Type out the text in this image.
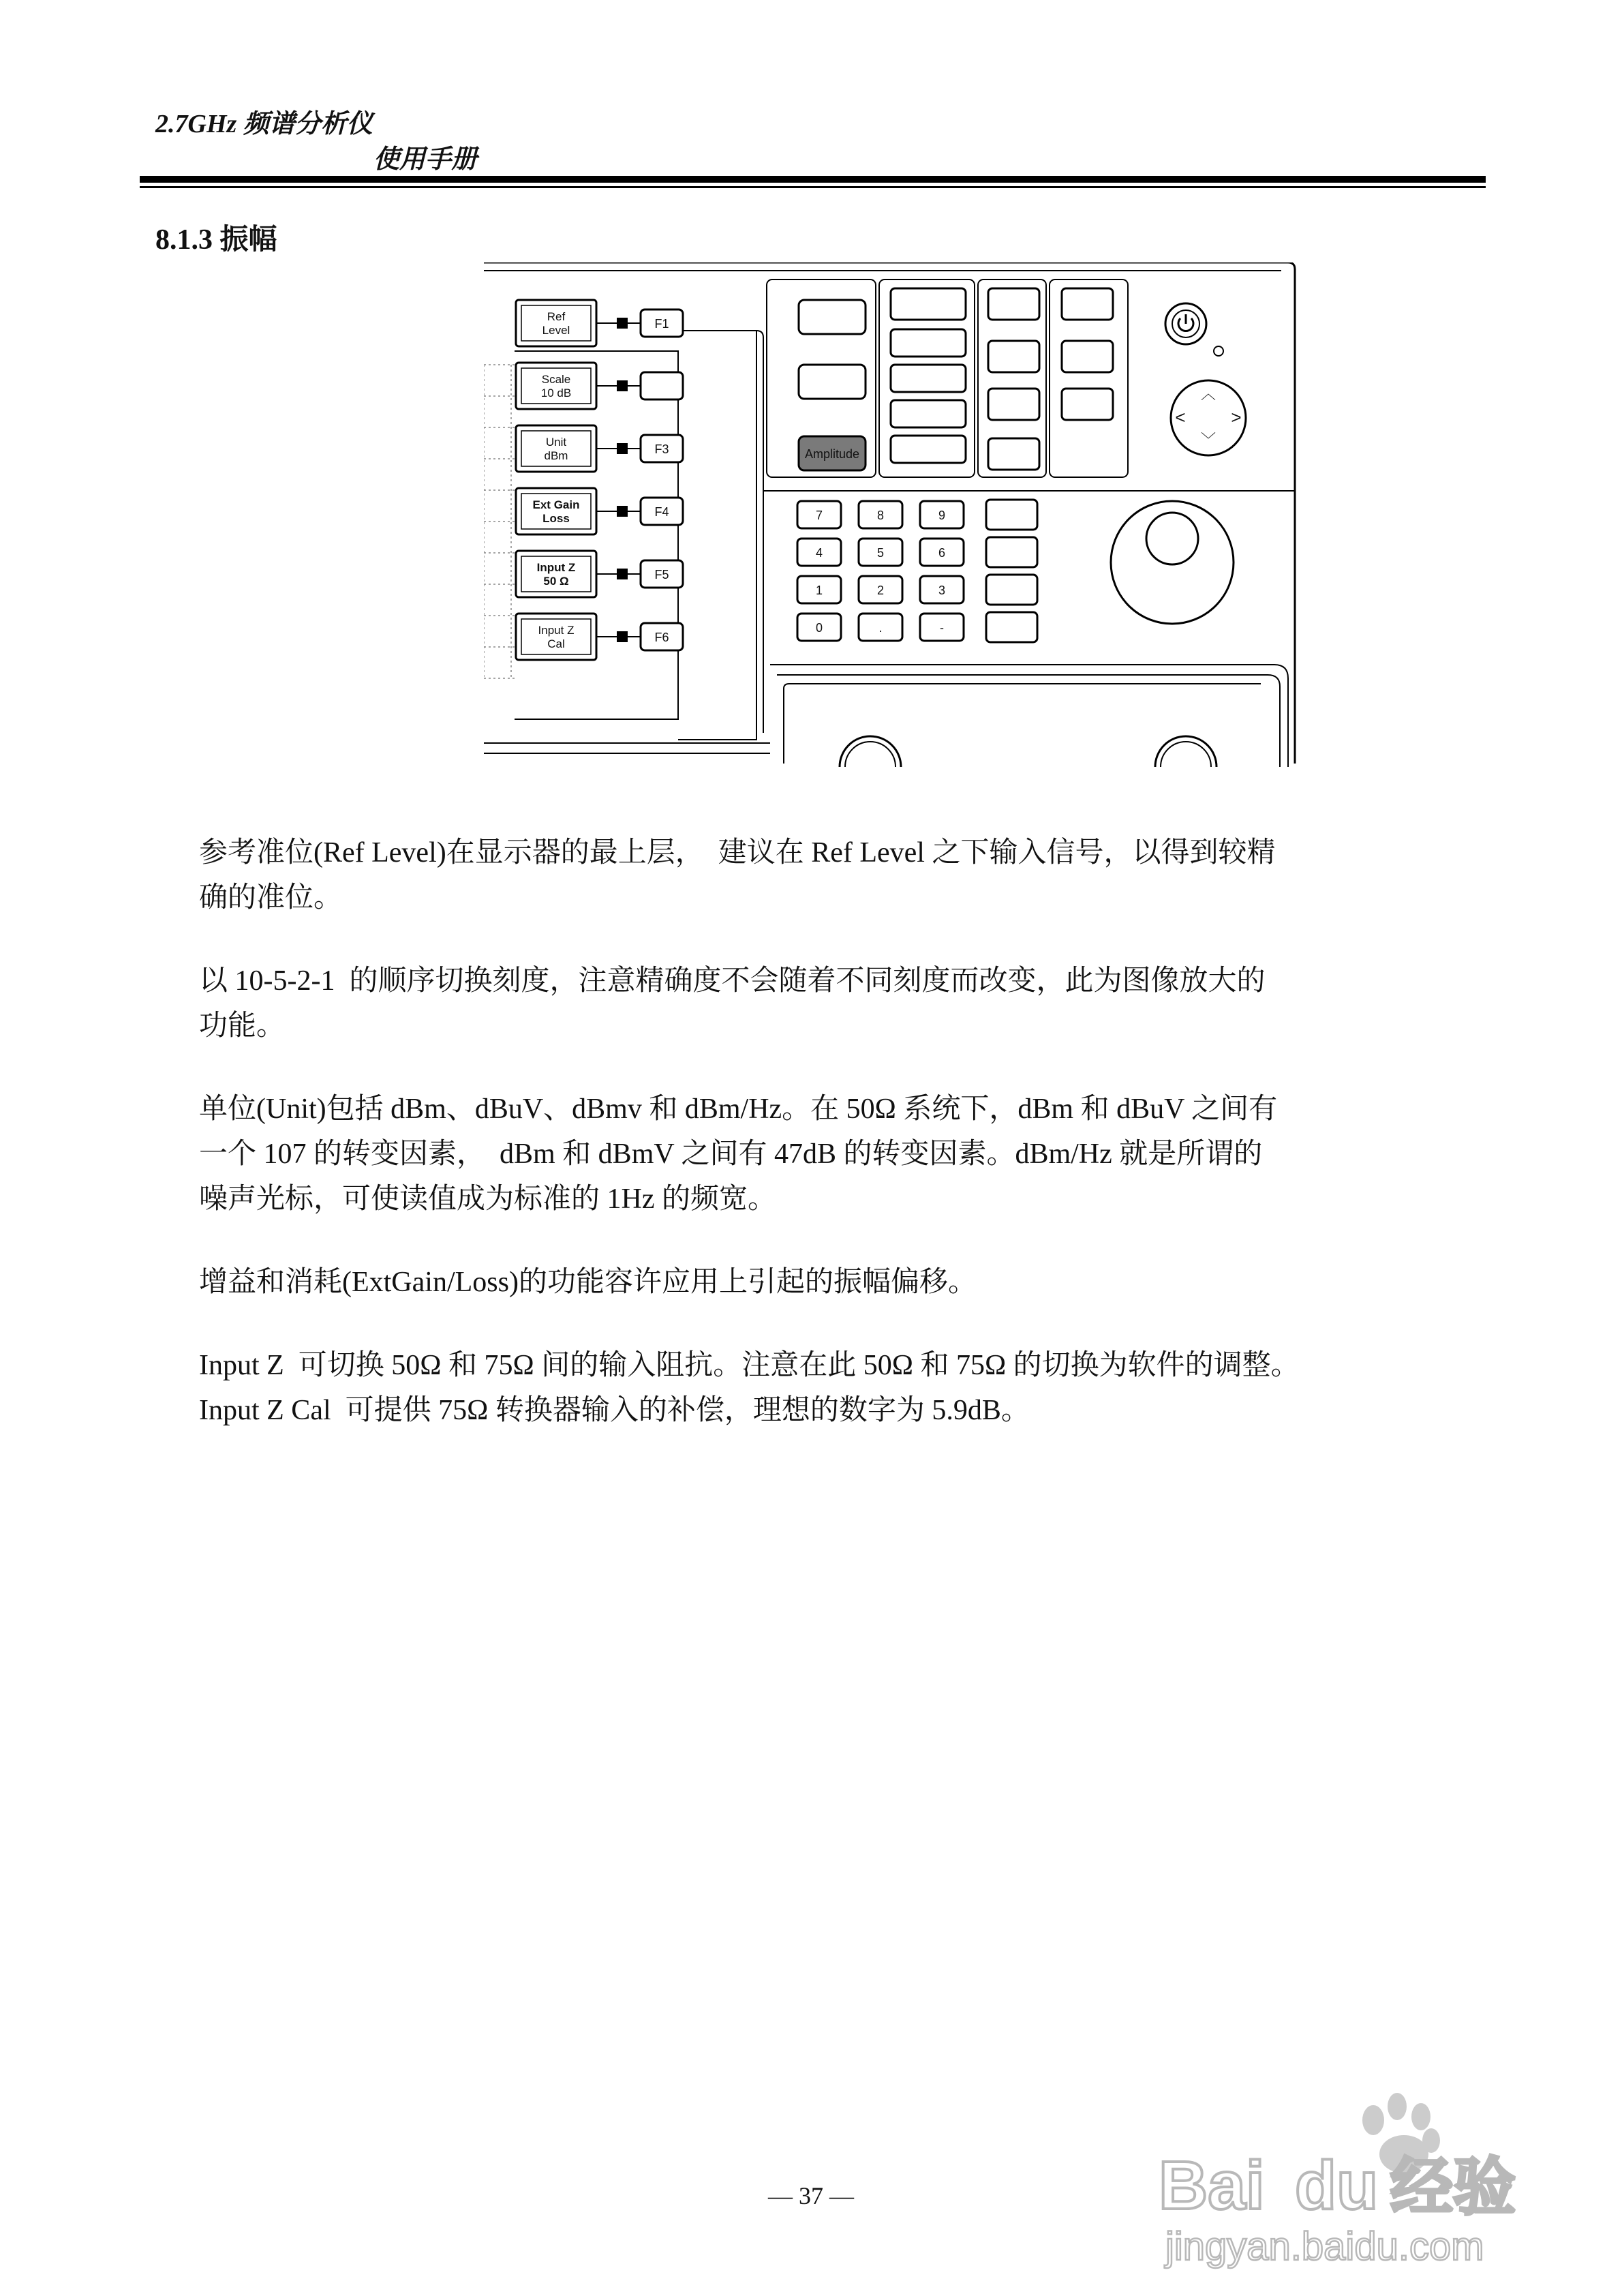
2.7GHz 频谱分析仪
使用手册
8.1.3 振幅
Ref
Level	F1
Scale
10 dB
Unit
dBm	F3
Ext Gain
Loss	F4
Input Z
50 Ω	F5
Input Z
Cal	F6
Amplitude
︿
﹀
<	>
7	8	9
4	5	6
1	2	3
0	.	-

参考准位(Ref Level)在显示器的最上层，  建议在 Ref Level 之下输入信号，以得到较精
确的准位。

以 10-5-2-1  的顺序切换刻度，注意精确度不会随着不同刻度而改变，此为图像放大的
功能。

单位(Unit)包括 dBm、dBuV、dBmv 和 dBm/Hz。在 50Ω 系统下，dBm 和 dBuV 之间有
一个 107 的转变因素，  dBm 和 dBmV 之间有 47dB 的转变因素。dBm/Hz 就是所谓的
噪声光标，可使读值成为标准的 1Hz 的频宽。

增益和消耗(ExtGain/Loss)的功能容许应用上引起的振幅偏移。

Input Z  可切换 50Ω 和 75Ω 间的输入阻抗。注意在此 50Ω 和 75Ω 的切换为软件的调整。

Input Z Cal  可提供 75Ω 转换器输入的补偿，理想的数字为 5.9dB。

— 37 —	Bai du 经验
jingyan.baidu.com
